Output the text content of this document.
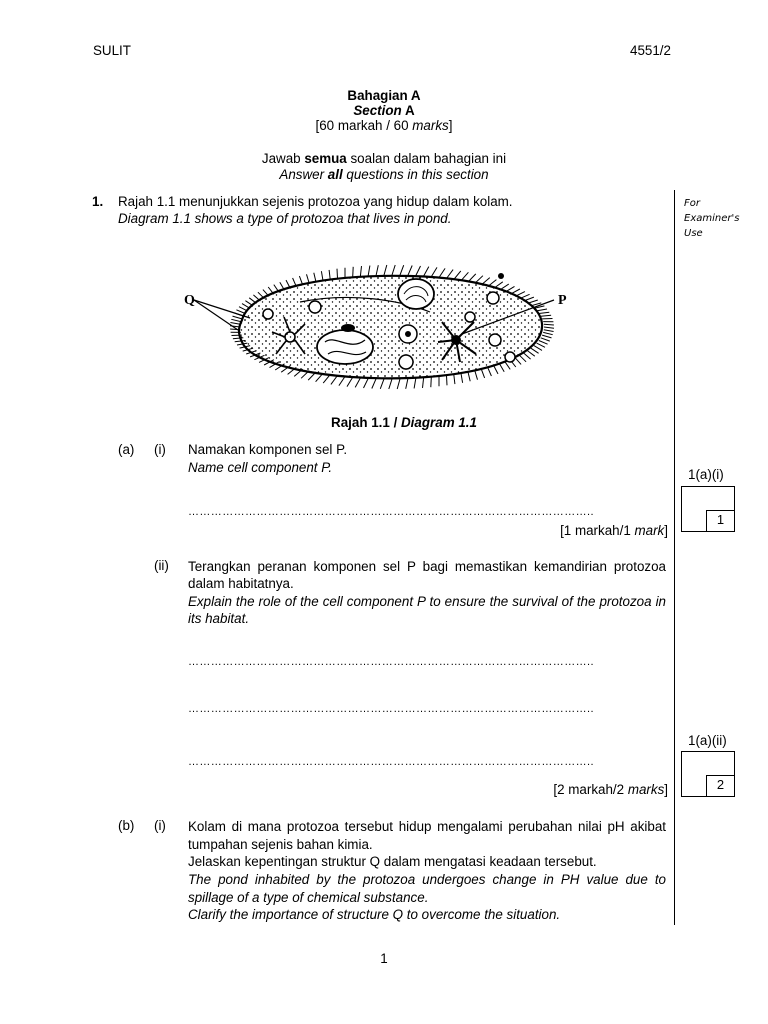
SULIT	4551/2
Bahagian A
Section A
[60 markah / 60 marks]
Jawab semua soalan dalam bahagian ini
Answer all questions in this section
For
Examiner's
Use
1. Rajah 1.1 menunjukkan sejenis protozoa yang hidup dalam kolam.
Diagram 1.1 shows a type of protozoa that lives in pond.
Q	P
Rajah 1.1 / Diagram 1.1
(a) (i) Namakan komponen sel P.
Name cell component P.
……………………………………………………………………………………………..
[1 markah/1 mark]
1(a)(i)
1
(ii) Terangkan peranan komponen sel P bagi memastikan kemandirian protozoa dalam habitatnya.
Explain the role of the cell component P to ensure the survival of the protozoa in its habitat.
……………………………………………………………………………………………..
……………………………………………………………………………………………..
……………………………………………………………………………………………..
[2 markah/2 marks]
1(a)(ii)
2
(b) (i) Kolam di mana protozoa tersebut hidup mengalami perubahan nilai pH akibat tumpahan sejenis bahan kimia.
Jelaskan kepentingan struktur Q dalam mengatasi keadaan tersebut.
The pond inhabited by the protozoa undergoes change in PH value due to spillage of a type of chemical substance.
Clarify the importance of structure Q to overcome the situation.
1
